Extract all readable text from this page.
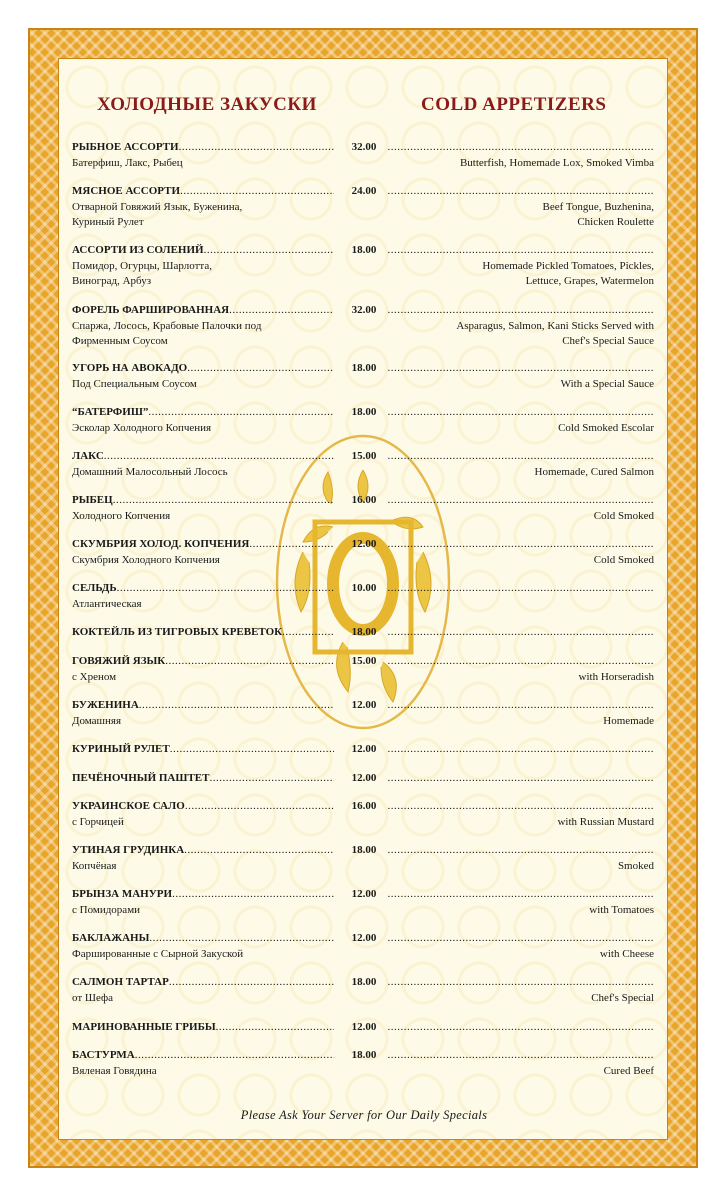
ХОЛОДНЫЕ ЗАКУСКИ	COLD APPETIZERS
РЫБНОЕ АССОРТИ .....	32.00
.....
Батерфиш, Лакс, Рыбец	Butterfish, Homemade Lox, Smoked Vimba
МЯСНОЕ АССОРТИ .....	24.00
.....
Отварной Говяжий Язык, Буженина,
Куриный Рулет
Beef Tongue, Buzhenina,
Chicken Roulette
АССОРТИ ИЗ СОЛЕНИЙ .....	18.00
.....
Помидор, Огурцы, Шарлотта,
Виноград, Арбуз
Homemade Pickled Tomatoes, Pickles,
Lettuce, Grapes, Watermelon
ФОРЕЛЬ ФАРШИРОВАННАЯ .....	32.00
.....
Спаржа, Лосось, Крабовые Палочки под
Фирменным Соусом
Asparagus, Salmon, Kani Sticks Served with
Chef's Special Sauce
УГОРЬ НА АВОКАДО .....	18.00
.....
Под Специальным Соусом	With a Special Sauce
“БАТЕРФИШ” .....	18.00
.....
Эсколар Холодного Копчения	Cold Smoked Escolar
ЛАКС .....	15.00
.....
Домашний Малосольный Лосось	Homemade, Cured Salmon
РЫБЕЦ .....	16.00
.....
Холодного Копчения	Cold Smoked
СКУМБРИЯ ХОЛОД. КОПЧЕНИЯ .....	12.00
.....
Скумбрия Холодного Копчения	Cold Smoked
СЕЛЬДЬ .....	10.00
.....
Атлантическая
КОКТЕЙЛЬ ИЗ ТИГРОВЫХ КРЕВЕТОК .....	18.00
.....
ГОВЯЖИЙ ЯЗЫК .....	15.00
.....
с Хреном	with Horseradish
БУЖЕНИНА .....	12.00
.....
Домашняя	Homemade
КУРИНЫЙ РУЛЕТ .....	12.00
.....
ПЕЧЁНОЧНЫЙ ПАШТЕТ .....	12.00
.....
УКРАИНСКОЕ САЛО .....	16.00
.....
с Горчицей	with Russian Mustard
УТИНАЯ ГРУДИНКА .....	18.00
.....
Копчёная	Smoked
БРЫНЗА МАНУРИ .....	12.00
.....
с Помидорами	with Tomatoes
БАКЛАЖАНЫ .....	12.00
.....
Фаршированные с Сырной Закуской	with Cheese
САЛМОН ТАРТАР .....	18.00
.....
от Шефа	Chef's Special
МАРИНОВАННЫЕ ГРИБЫ .....	12.00
.....
БАСТУРМА .....	18.00
.....
Вяленая Говядина	Cured Beef
Please Ask Your Server for Our Daily Specials
